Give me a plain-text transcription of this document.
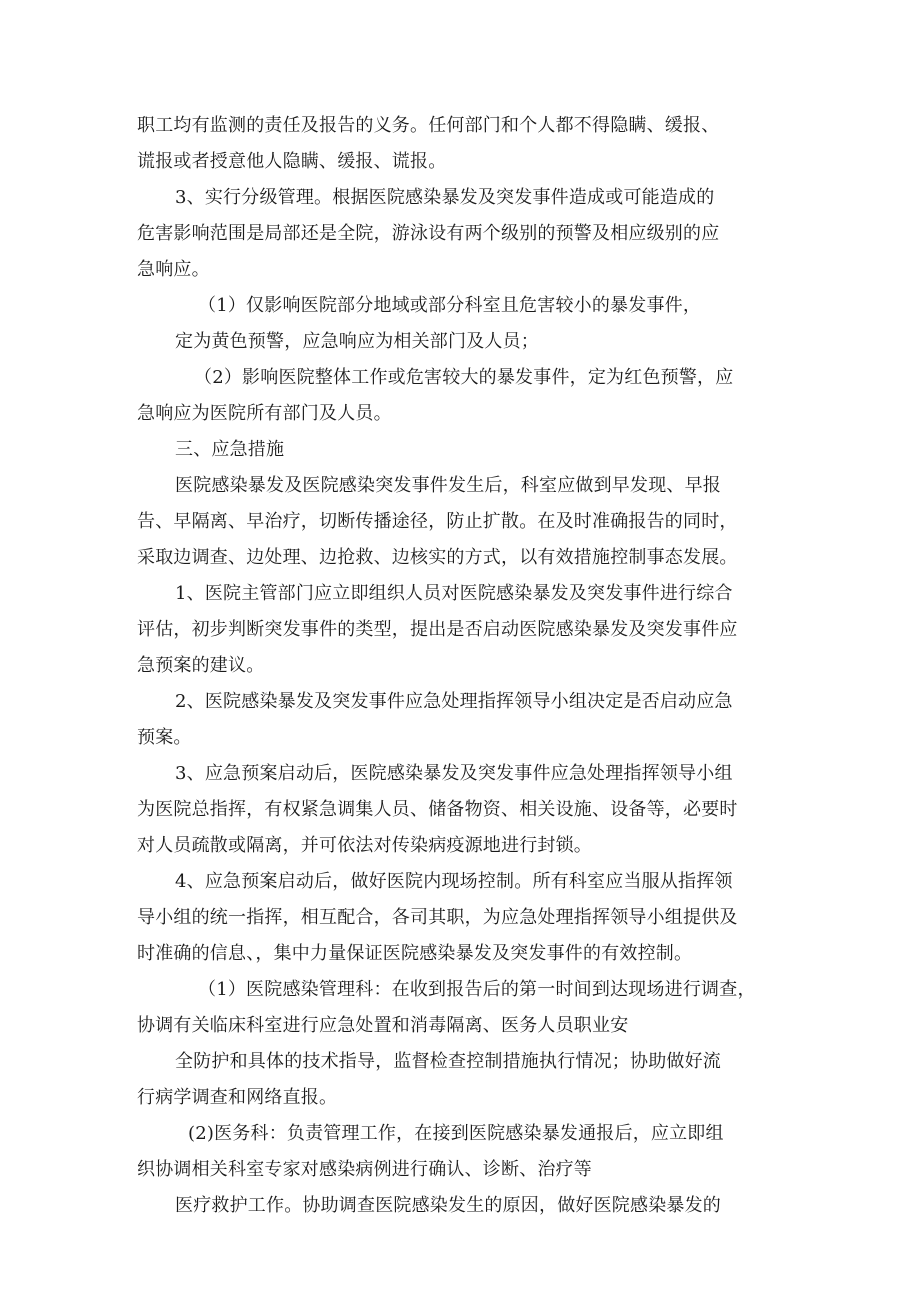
职工均有监测的责任及报告的义务。任何部门和个人都不得隐瞒、缓报、
谎报或者授意他人隐瞒、缓报、谎报。
3、实行分级管理。根据医院感染暴发及突发事件造成或可能造成的
危害影响范围是局部还是全院，游泳设有两个级别的预警及相应级别的应
急响应。
（1）仅影响医院部分地域或部分科室且危害较小的暴发事件，
定为黄色预警，应急响应为相关部门及人员；
（2）影响医院整体工作或危害较大的暴发事件，定为红色预警，应
急响应为医院所有部门及人员。
三、应急措施
医院感染暴发及医院感染突发事件发生后，科室应做到早发现、早报
告、早隔离、早治疗，切断传播途径，防止扩散。在及时准确报告的同时，
采取边调查、边处理、边抢救、边核实的方式，以有效措施控制事态发展。
1、医院主管部门应立即组织人员对医院感染暴发及突发事件进行综合
评估，初步判断突发事件的类型，提出是否启动医院感染暴发及突发事件应
急预案的建议。
2、医院感染暴发及突发事件应急处理指挥领导小组决定是否启动应急
预案。
3、应急预案启动后，医院感染暴发及突发事件应急处理指挥领导小组
为医院总指挥，有权紧急调集人员、储备物资、相关设施、设备等，必要时
对人员疏散或隔离，并可依法对传染病疫源地进行封锁。
4、应急预案启动后，做好医院内现场控制。所有科室应当服从指挥领
导小组的统一指挥，相互配合，各司其职，为应急处理指挥领导小组提供及
时准确的信息、，集中力量保证医院感染暴发及突发事件的有效控制。
（1）医院感染管理科：在收到报告后的第一时间到达现场进行调查，
协调有关临床科室进行应急处置和消毒隔离、医务人员职业安
全防护和具体的技术指导，监督检查控制措施执行情况；协助做好流
行病学调查和网络直报。
(2)医务科：负责管理工作，在接到医院感染暴发通报后，应立即组
织协调相关科室专家对感染病例进行确认、诊断、治疗等
医疗救护工作。协助调查医院感染发生的原因，做好医院感染暴发的
